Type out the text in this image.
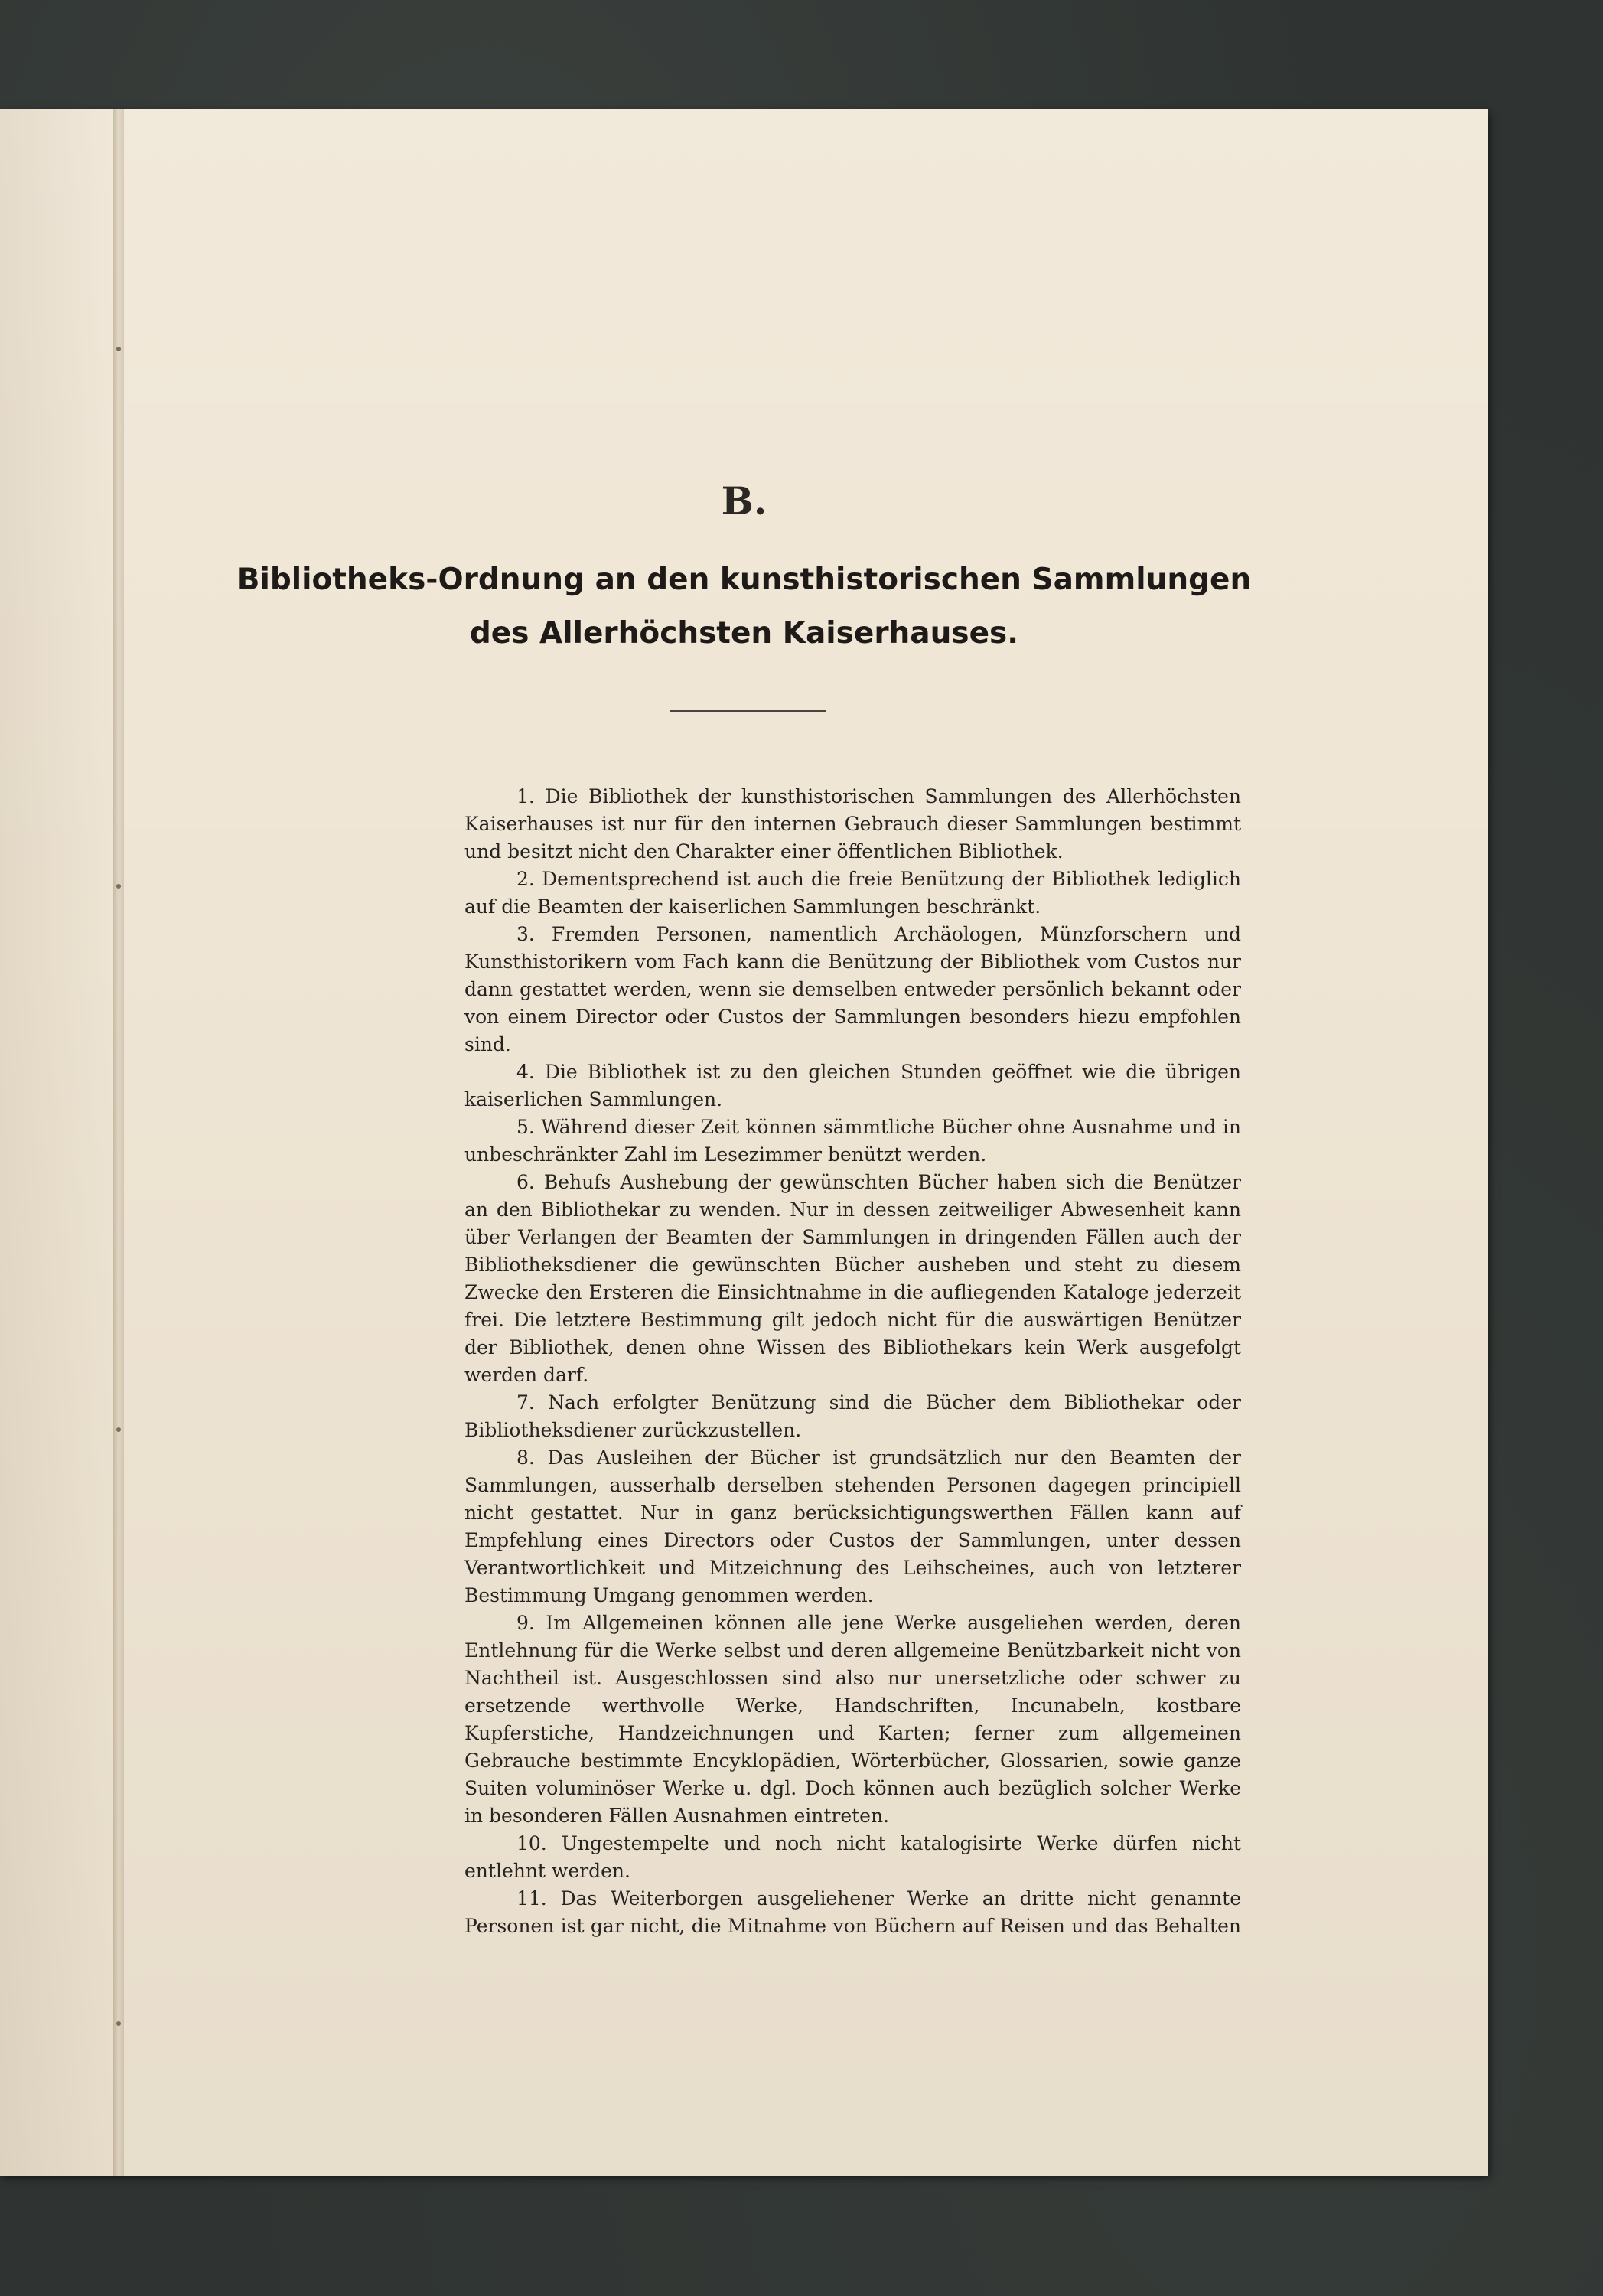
B.
Bibliotheks-Ordnung an den kunsthistorischen Sammlungen
des Allerhöchsten Kaiserhauses.

1. Die Bibliothek der kunsthistorischen Sammlungen des Allerhöchsten Kaiserhauses ist nur für den internen Gebrauch dieser Sammlungen bestimmt und besitzt nicht den Charakter einer öffentlichen Bibliothek.

2. Dementsprechend ist auch die freie Benützung der Bibliothek lediglich auf die Beamten der kaiserlichen Sammlungen beschränkt.

3. Fremden Personen, namentlich Archäologen, Münzforschern und Kunsthistorikern vom Fach kann die Benützung der Bibliothek vom Custos nur dann gestattet werden, wenn sie demselben entweder persönlich bekannt oder von einem Director oder Custos der Sammlungen besonders hiezu empfohlen sind.

4. Die Bibliothek ist zu den gleichen Stunden geöffnet wie die übrigen kaiserlichen Sammlungen.

5. Während dieser Zeit können sämmtliche Bücher ohne Ausnahme und in unbeschränkter Zahl im Lesezimmer benützt werden.

6. Behufs Aushebung der gewünschten Bücher haben sich die Benützer an den Bibliothekar zu wenden. Nur in dessen zeitweiliger Abwesenheit kann über Verlangen der Beamten der Sammlungen in dringenden Fällen auch der Bibliotheksdiener die gewünschten Bücher ausheben und steht zu diesem Zwecke den Ersteren die Einsichtnahme in die aufliegenden Kataloge jederzeit frei. Die letztere Bestimmung gilt jedoch nicht für die auswärtigen Benützer der Bibliothek, denen ohne Wissen des Bibliothekars kein Werk ausgefolgt werden darf.

7. Nach erfolgter Benützung sind die Bücher dem Bibliothekar oder Bibliotheksdiener zurückzustellen.

8. Das Ausleihen der Bücher ist grundsätzlich nur den Beamten der Sammlungen, ausserhalb derselben stehenden Personen dagegen principiell nicht gestattet. Nur in ganz berücksichtigungswerthen Fällen kann auf Empfehlung eines Directors oder Custos der Sammlungen, unter dessen Verantwortlichkeit und Mitzeichnung des Leihscheines, auch von letzterer Bestimmung Umgang genommen werden.

9. Im Allgemeinen können alle jene Werke ausgeliehen werden, deren Entlehnung für die Werke selbst und deren allgemeine Benützbarkeit nicht von Nachtheil ist. Ausgeschlossen sind also nur unersetzliche oder schwer zu ersetzende werthvolle Werke, Handschriften, Incunabeln, kostbare Kupferstiche, Handzeichnungen und Karten; ferner zum allgemeinen Gebrauche bestimmte Encyklopädien, Wörterbücher, Glossarien, sowie ganze Suiten voluminöser Werke u. dgl. Doch können auch bezüglich solcher Werke in besonderen Fällen Ausnahmen eintreten.

10. Ungestempelte und noch nicht katalogisirte Werke dürfen nicht entlehnt werden.

11. Das Weiterborgen ausgeliehener Werke an dritte nicht genannte Personen ist gar nicht, die Mitnahme von Büchern auf Reisen und das Behalten
